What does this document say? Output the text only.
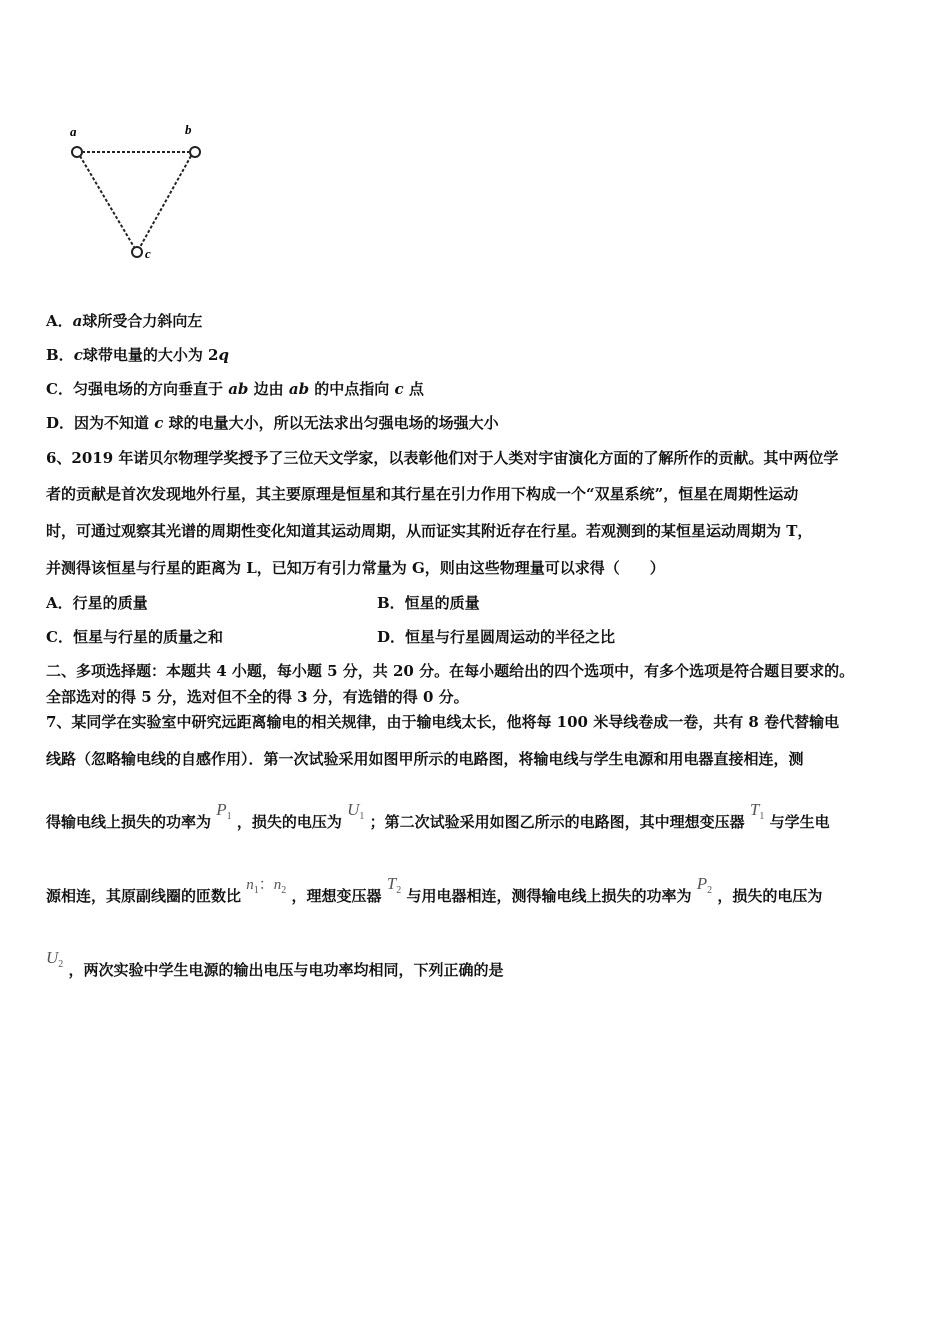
a	b
c
A．a球所受合力斜向左
B．c球带电量的大小为 2q
C．匀强电场的方向垂直于 ab 边由 ab 的中点指向 c 点
D．因为不知道 c 球的电量大小，所以无法求出匀强电场的场强大小
6、2019 年诺贝尔物理学奖授予了三位天文学家，以表彰他们对于人类对宇宙演化方面的了解所作的贡献。其中两位学
者的贡献是首次发现地外行星，其主要原理是恒星和其行星在引力作用下构成一个“双星系统”，恒星在周期性运动
时，可通过观察其光谱的周期性变化知道其运动周期，从而证实其附近存在行星。若观测到的某恒星运动周期为 T，
并测得该恒星与行星的距离为 L，已知万有引力常量为 G，则由这些物理量可以求得（　　）
A．行星的质量	B．恒星的质量
C．恒星与行星的质量之和	D．恒星与行星圆周运动的半径之比
二、多项选择题：本题共 4 小题，每小题 5 分，共 20 分。在每小题给出的四个选项中，有多个选项是符合题目要求的。
全部选对的得 5 分，选对但不全的得 3 分，有选错的得 0 分。
7、某同学在实验室中研究远距离输电的相关规律，由于输电线太长，他将每 100 米导线卷成一卷，共有 8 卷代替输电
线路（忽略输电线的自感作用）．第一次试验采用如图甲所示的电路图，将输电线与学生电源和用电器直接相连，测
得输电线上损失的功率为 $P_1$ ，损失的电压为 $U_1$ ；第二次试验采用如图乙所示的电路图，其中理想变压器 $T_1$ 与学生电
源相连，其原副线圈的匝数比 $n_1$：$n_2$ ，理想变压器 $T_2$ 与用电器相连，测得输电线上损失的功率为 $P_2$ ，损失的电压为
$U_2$ ，两次实验中学生电源的输出电压与电功率均相同，下列正确的是
